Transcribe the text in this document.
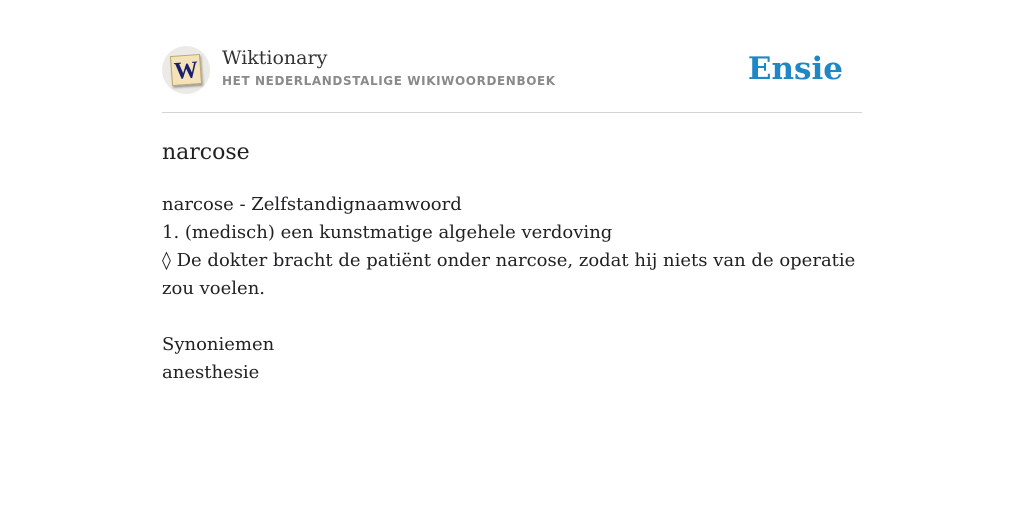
W Wiktionary
HET NEDERLANDSTALIGE WIKIWOORDENBOEK	Ensie
narcose

narcose - Zelfstandignaamwoord

1. (medisch) een kunstmatige algehele verdoving

◊ De dokter bracht de patiënt onder narcose, zodat hij niets van de operatie zou voelen.

Synoniemen

anesthesie
